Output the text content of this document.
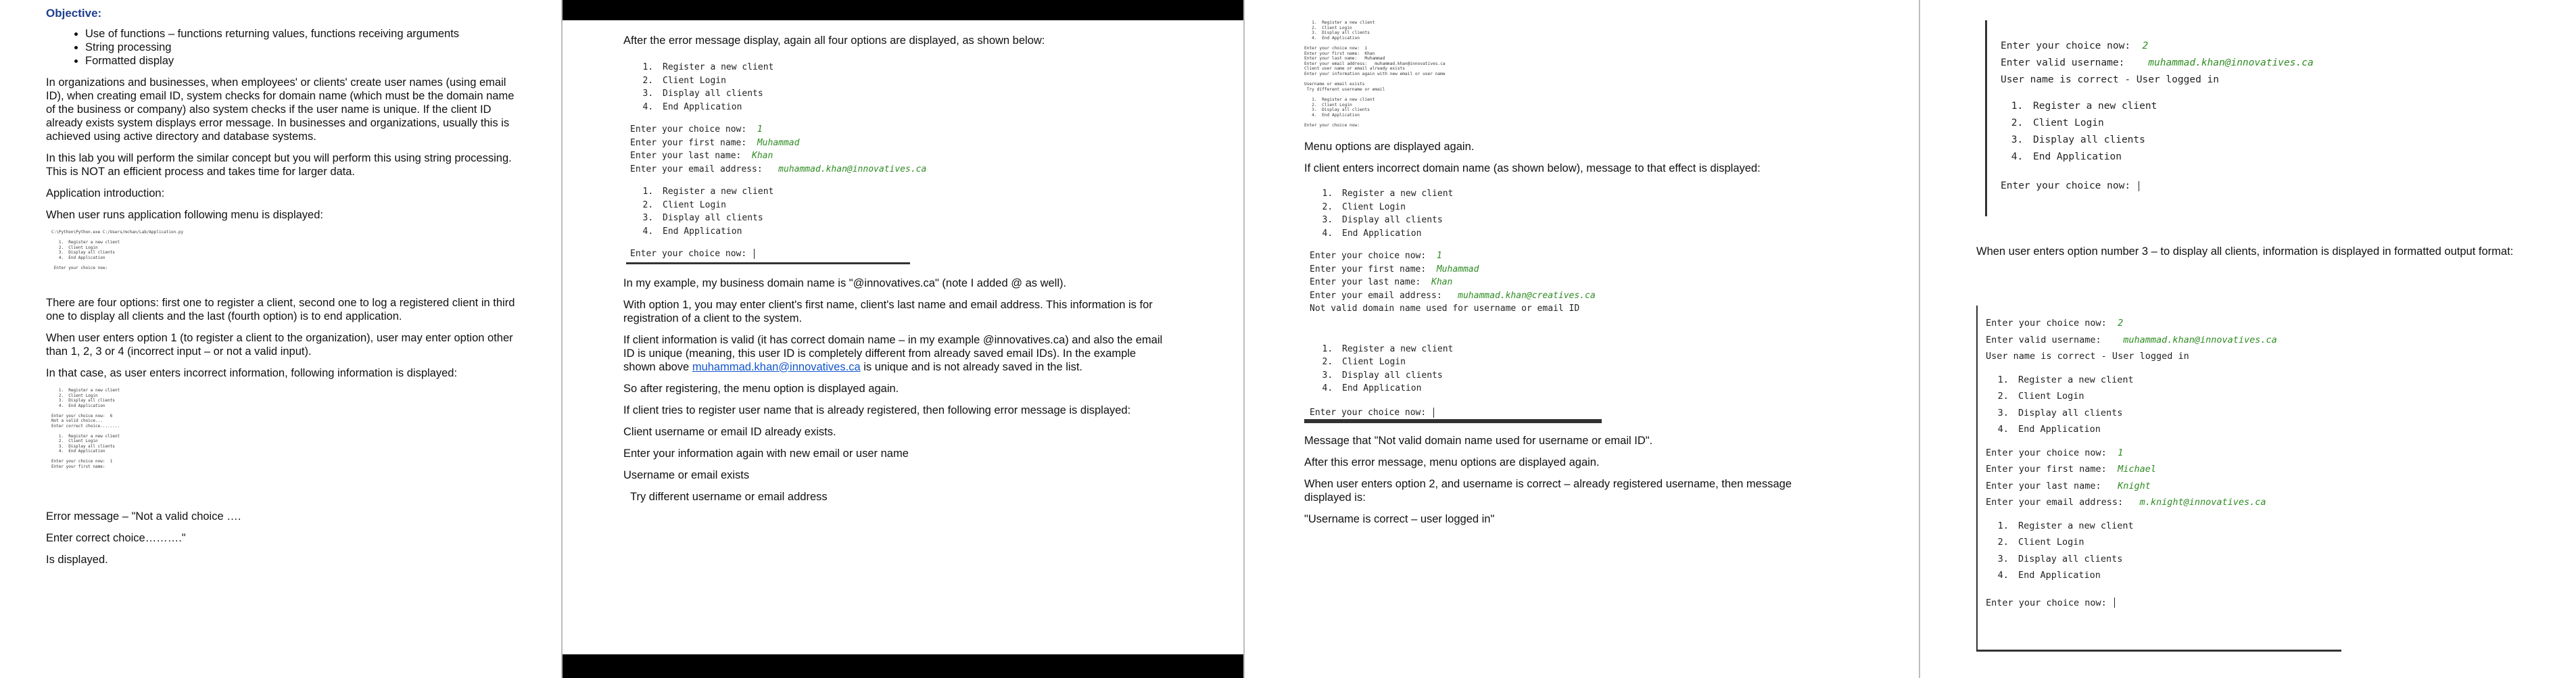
Objective:
• Use of functions – functions returning values, functions receiving arguments
• String processing
• Formatted display

In organizations and businesses, when employees' or clients' create user names (using email ID), when creating email ID, system checks for domain name (which must be the domain name of the business or company) also system checks if the user name is unique. If the client ID already exists system displays error message. In businesses and organizations, usually this is achieved using active directory and database systems.

In this lab you will perform the similar concept but you will perform this using string processing. This is NOT an efficient process and takes time for larger data.

Application introduction:

When user runs application following menu is displayed:

C:\Python\Python.exe C:/Users/mchan/Lab/Application.py

1.  Register a new client
2.  Client Login
3.  Display all clients
4.  End Application

Enter your choice now:

There are four options: first one to register a client, second one to log a registered client in third one to display all clients and the last (fourth option) is to end application.

When user enters option 1 (to register a client to the organization), user may enter option other than 1, 2, 3 or 4 (incorrect input – or not a valid input).

In that case, as user enters incorrect information, following information is displayed:

1.  Register a new client
2.  Client Login
3.  Display all clients
4.  End Application

Enter your choice now:  6
Not a valid choice...
Enter correct choice........

1.  Register a new client
2.  Client Login
3.  Display all clients
4.  End Application

Enter your choice now:  1
Enter your first name:

Error message – "Not a valid choice ….

Enter correct choice………."

Is displayed.

After the error message display, again all four options are displayed, as shown below:

1. Register a new client
2. Client Login
3. Display all clients
4. End Application
Enter your choice now: 1
Enter your first name: Muhammad
Enter your last name: Khan
Enter your email address: muhammad.khan@innovatives.ca
1. Register a new client
2. Client Login
3. Display all clients
4. End Application
Enter your choice now:

In my example, my business domain name is "@innovatives.ca" (note I added @ as well).

With option 1, you may enter client's first name, client's last name and email address. This information is for registration of a client to the system.

If client information is valid (it has correct domain name – in my example @innovatives.ca) and also the email ID is unique (meaning, this user ID is completely different from already saved email IDs). In the example shown above muhammad.khan@innovatives.ca is unique and is not already saved in the list.

So after registering, the menu option is displayed again.

If client tries to register user name that is already registered, then following error message is displayed:

Client username or email ID already exists.

Enter your information again with new email or user name

Username or email exists

Try different username or email address

1.  Register a new client
2.  Client Login
3.  Display all clients
4.  End Application

Enter your choice now:  1
Enter your first name:  Khan
Enter your last name:   Muhammad
Enter your email address:   muhammad.khan@innovatives.ca
Client user name or email already exists
Enter your information again with new email or user name

Username or email exists
Try different username or email

1.  Register a new client
2.  Client Login
3.  Display all clients
4.  End Application

Enter your choice now:

Menu options are displayed again.

If client enters incorrect domain name (as shown below), message to that effect is displayed:

1. Register a new client
2. Client Login
3. Display all clients
4. End Application
Enter your choice now: 1
Enter your first name: Muhammad
Enter your last name: Khan
Enter your email address: muhammad.khan@creatives.ca
Not valid domain name used for username or email ID
1. Register a new client
2. Client Login
3. Display all clients
4. End Application
Enter your choice now:

Message that "Not valid domain name used for username or email ID".

After this error message, menu options are displayed again.

When user enters option 2, and username is correct – already registered username, then message displayed is:

"Username is correct – user logged in"

Enter your choice now: 2
Enter valid username: muhammad.khan@innovatives.ca
User name is correct - User logged in
1. Register a new client
2. Client Login
3. Display all clients
4. End Application
Enter your choice now:

When user enters option number 3 – to display all clients, information is displayed in formatted output format:

Enter your choice now: 2
Enter valid username: muhammad.khan@innovatives.ca
User name is correct - User logged in
1. Register a new client
2. Client Login
3. Display all clients
4. End Application
Enter your choice now: 1
Enter your first name: Michael
Enter your last name: Knight
Enter your email address: m.knight@innovatives.ca
1. Register a new client
2. Client Login
3. Display all clients
4. End Application
Enter your choice now:
